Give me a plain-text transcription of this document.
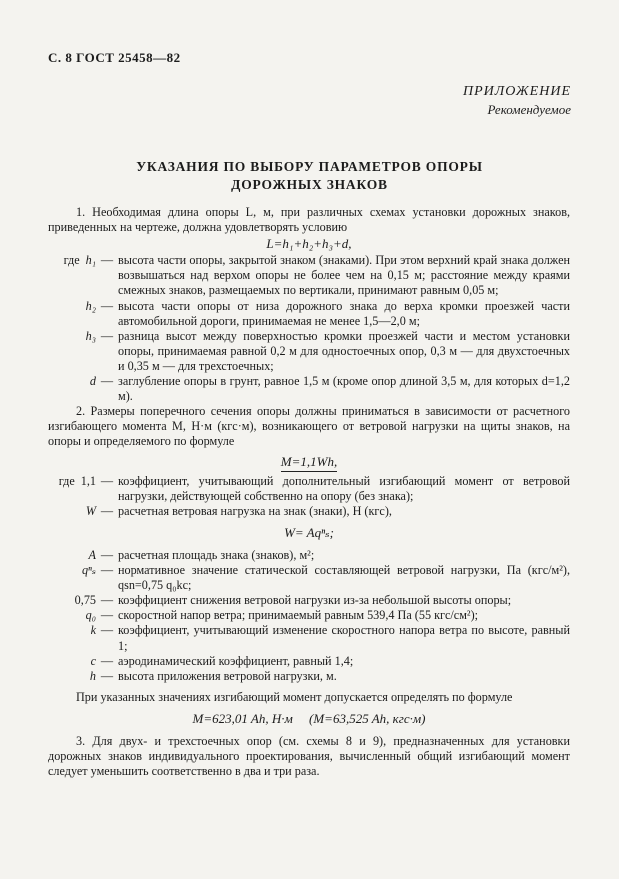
С. 8 ГОСТ 25458—82
ПРИЛОЖЕНИЕ
Рекомендуемое
УКАЗАНИЯ ПО ВЫБОРУ ПАРАМЕТРОВ ОПОРЫ
ДОРОЖНЫХ ЗНАКОВ

1. Необходимая длина опоры L, м, при различных схемах установки дорожных знаков, приведенных на чертеже, должна удовлетворять условию

L=h₁+h₂+h₃+d,
где h₁ — высота части опоры, закрытой знаком (знаками). При этом верхний край знака должен возвышаться над верхом опоры не более чем на 0,15 м; расстояние между краями смежных знаков, размещаемых по вертикали, принимают равным 0,05 м;
h₂ — высота части опоры от низа дорожного знака до верха кромки проезжей части автомобильной дороги, принимаемая не менее 1,5—2,0 м;
h₃ — разница высот между поверхностью кромки проезжей части и местом установки опоры, принимаемая равной 0,2 м для одностоечных опор, 0,3 м — для двухстоечных и 0,35 м — для трехстоечных;
d — заглубление опоры в грунт, равное 1,5 м (кроме опор длиной 3,5 м, для которых d=1,2 м).

2. Размеры поперечного сечения опоры должны приниматься в зависимости от расчетного изгибающего момента M, Н·м (кгс·м), возникающего от ветровой нагрузки на щиты знаков, на опоры и определяемого по формуле

M=1,1Wh,
где 1,1 — коэффициент, учитывающий дополнительный изгибающий момент от ветровой нагрузки, действующей собственно на опору (без знака);
W — расчетная ветровая нагрузка на знак (знаки), Н (кгс),
W= Aqⁿₛ;
A — расчетная площадь знака (знаков), м²;
qⁿₛ — нормативное значение статической составляющей ветровой нагрузки, Па (кгс/м²), qsn=0,75 q₀kc;
0,75 — коэффициент снижения ветровой нагрузки из-за небольшой высоты опоры;
q₀ — скоростной напор ветра; принимаемый равным 539,4 Па (55 кгс/см²);
k — коэффициент, учитывающий изменение скоростного напора ветра по высоте, равный 1;
c — аэродинамический коэффициент, равный 1,4;
h — высота приложения ветровой нагрузки, м.

При указанных значениях изгибающий момент допускается определять по формуле

M=623,01 Ah, Н·м     (M=63,525 Ah, кгс·м)

3. Для двух- и трехстоечных опор (см. схемы 8 и 9), предназначенных для установки дорожных знаков индивидуального проектирования, вычисленный общий изгибающий момент следует уменьшить соответственно в два и три раза.
